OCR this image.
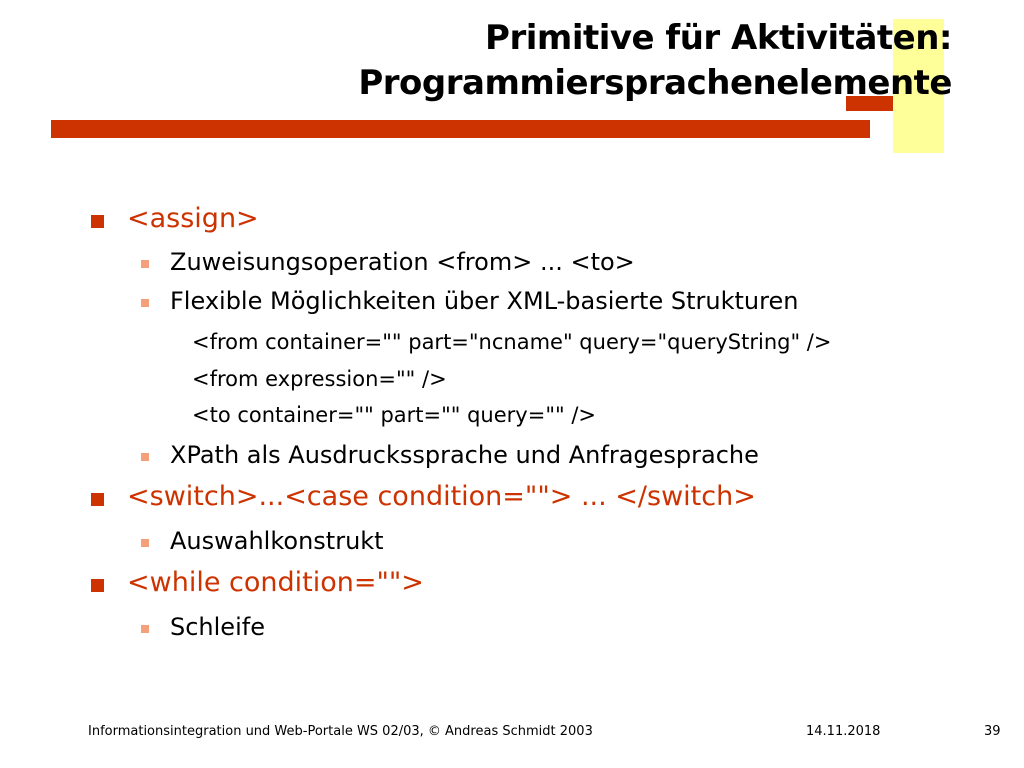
Primitive für Aktivitäten:
Programmiersprachenelemente
<assign>
Zuweisungsoperation <from> ... <to>
Flexible Möglichkeiten über XML-basierte Strukturen
<from container="" part="ncname" query="queryString" />
<from expression="" />
<to container="" part="" query="" />
XPath als Ausdruckssprache und Anfragesprache
<switch>...<case condition=""> ... </switch>
Auswahlkonstrukt
<while condition="">
Schleife
Informationsintegration und Web-Portale WS 02/03, © Andreas Schmidt 2003	14.11.2018	39
